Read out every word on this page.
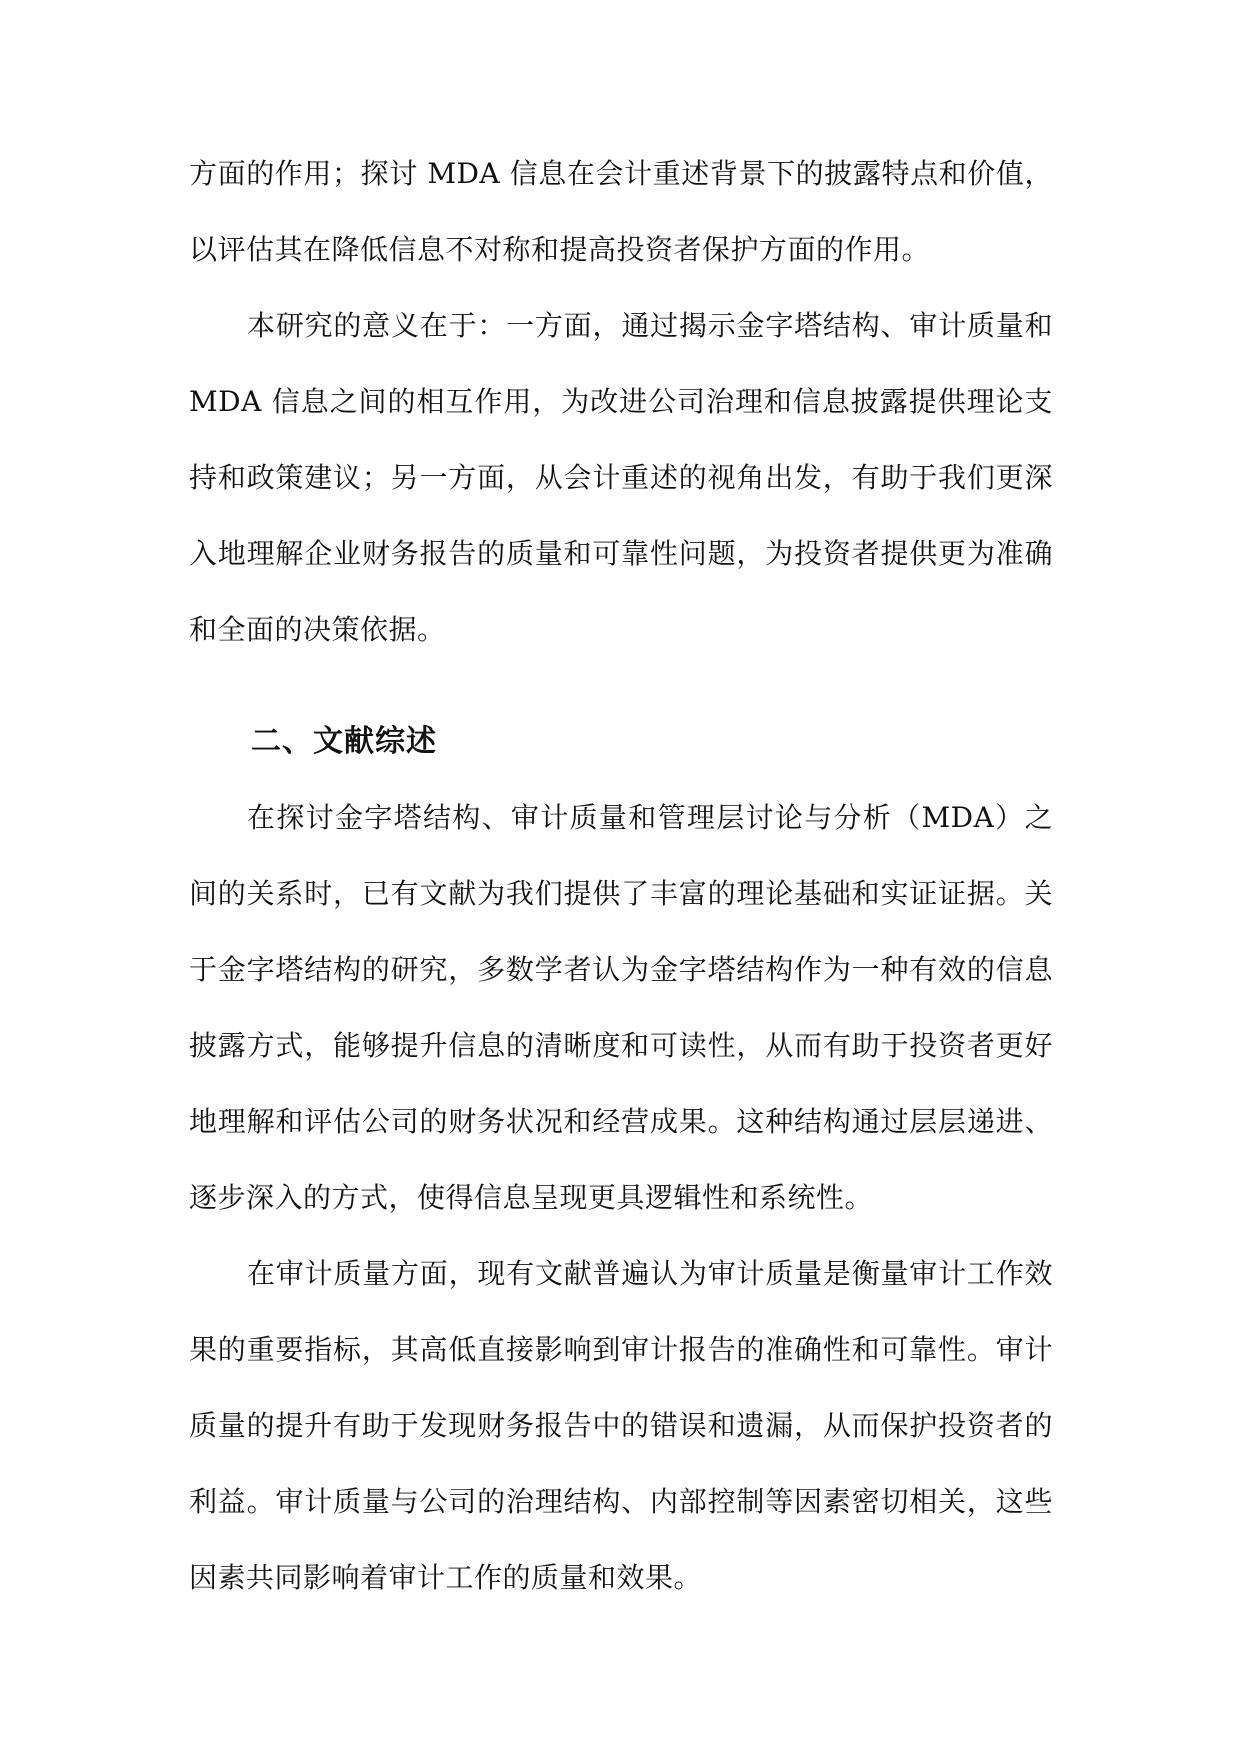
方面的作用；探讨 MDA 信息在会计重述背景下的披露特点和价值，以评估其在降低信息不对称和提高投资者保护方面的作用。

本研究的意义在于：一方面，通过揭示金字塔结构、审计质量和 MDA 信息之间的相互作用，为改进公司治理和信息披露提供理论支持和政策建议；另一方面，从会计重述的视角出发，有助于我们更深入地理解企业财务报告的质量和可靠性问题，为投资者提供更为准确和全面的决策依据。

二、文献综述

在探讨金字塔结构、审计质量和管理层讨论与分析（MDA）之间的关系时，已有文献为我们提供了丰富的理论基础和实证证据。关于金字塔结构的研究，多数学者认为金字塔结构作为一种有效的信息披露方式，能够提升信息的清晰度和可读性，从而有助于投资者更好地理解和评估公司的财务状况和经营成果。这种结构通过层层递进、逐步深入的方式，使得信息呈现更具逻辑性和系统性。

在审计质量方面，现有文献普遍认为审计质量是衡量审计工作效果的重要指标，其高低直接影响到审计报告的准确性和可靠性。审计质量的提升有助于发现财务报告中的错误和遗漏，从而保护投资者的利益。审计质量与公司的治理结构、内部控制等因素密切相关，这些因素共同影响着审计工作的质量和效果。
